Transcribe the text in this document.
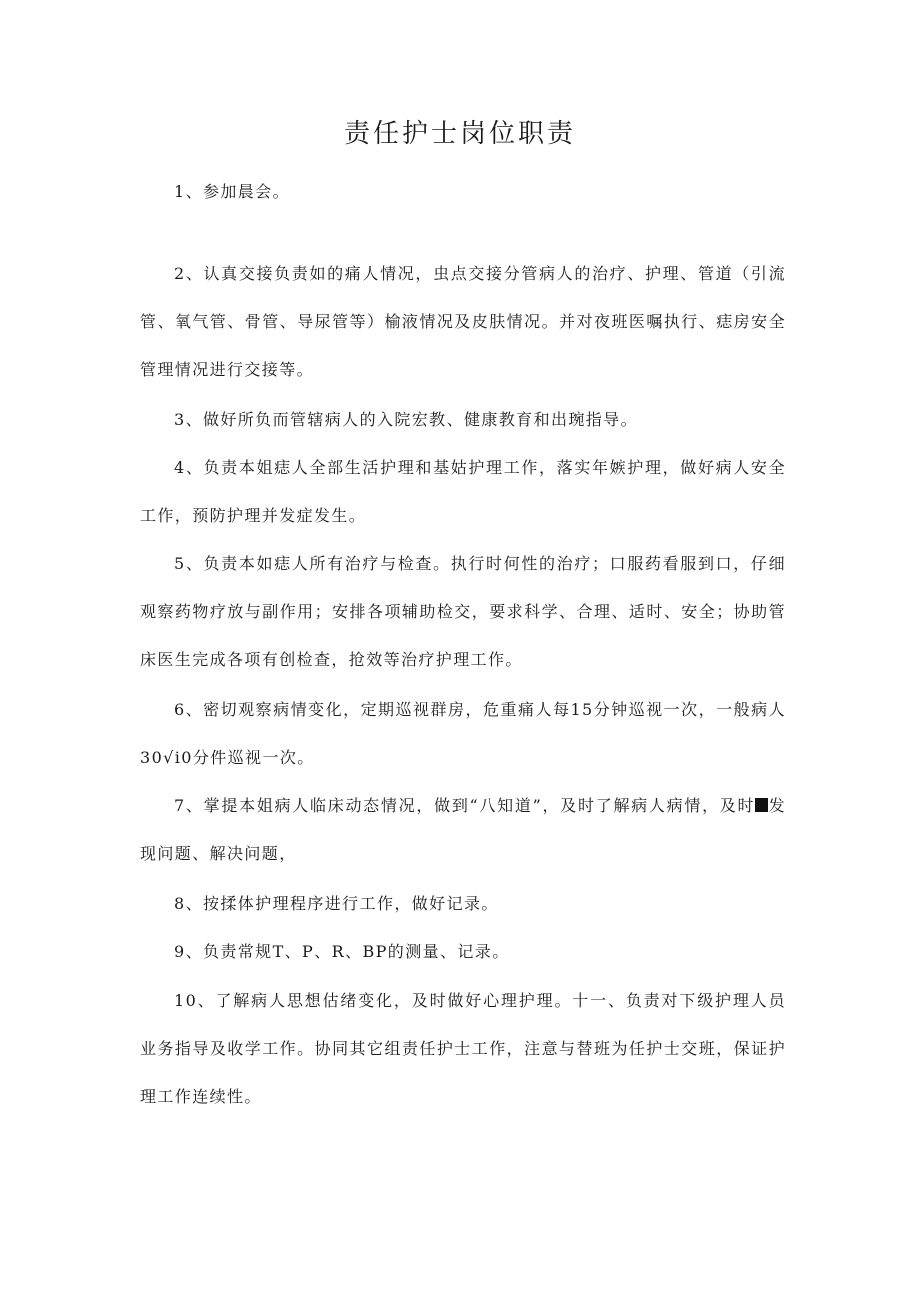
责任护士岗位职责

1、参加晨会。

2、认真交接负责如的痛人情况，虫点交接分管病人的治疗、护理、管道（引流管、氧气管、骨管、导尿管等）榆液情况及皮肤情况。并对夜班医嘱执行、痣房安全管理情况进行交接等。

3、做好所负而管辖病人的入院宏教、健康教育和出琬指导。

4、负责本姐痣人全部生活护理和基姑护理工作，落实年嫉护理，做好病人安全工作，预防护理并发症发生。

5、负责本如痣人所有治疗与检查。执行时何性的治疗；口服药看服到口，仔细观察药物疗放与副作用；安排各项辅助检交，要求科学、合理、适时、安全；协助管床医生完成各项有创检查，抢效等治疗护理工作。

6、密切观察病情变化，定期巡视群房，危重痛人每15分钟巡视一次，一般病人30√i0分件巡视一次。

7、掌提本姐病人临床动态情况，做到“八知道”，及时了解病人病情，及时 发现问题、解决问题，

8、按揉体护理程序进行工作，做好记录。

9、负责常规T、P、R、BP的测量、记录。

10、了解病人思想估绪变化，及时做好心理护理。十一、负责对下级护理人员业务指导及收学工作。协同其它组责任护士工作，注意与替班为任护士交班，保证护理工作连续性。
